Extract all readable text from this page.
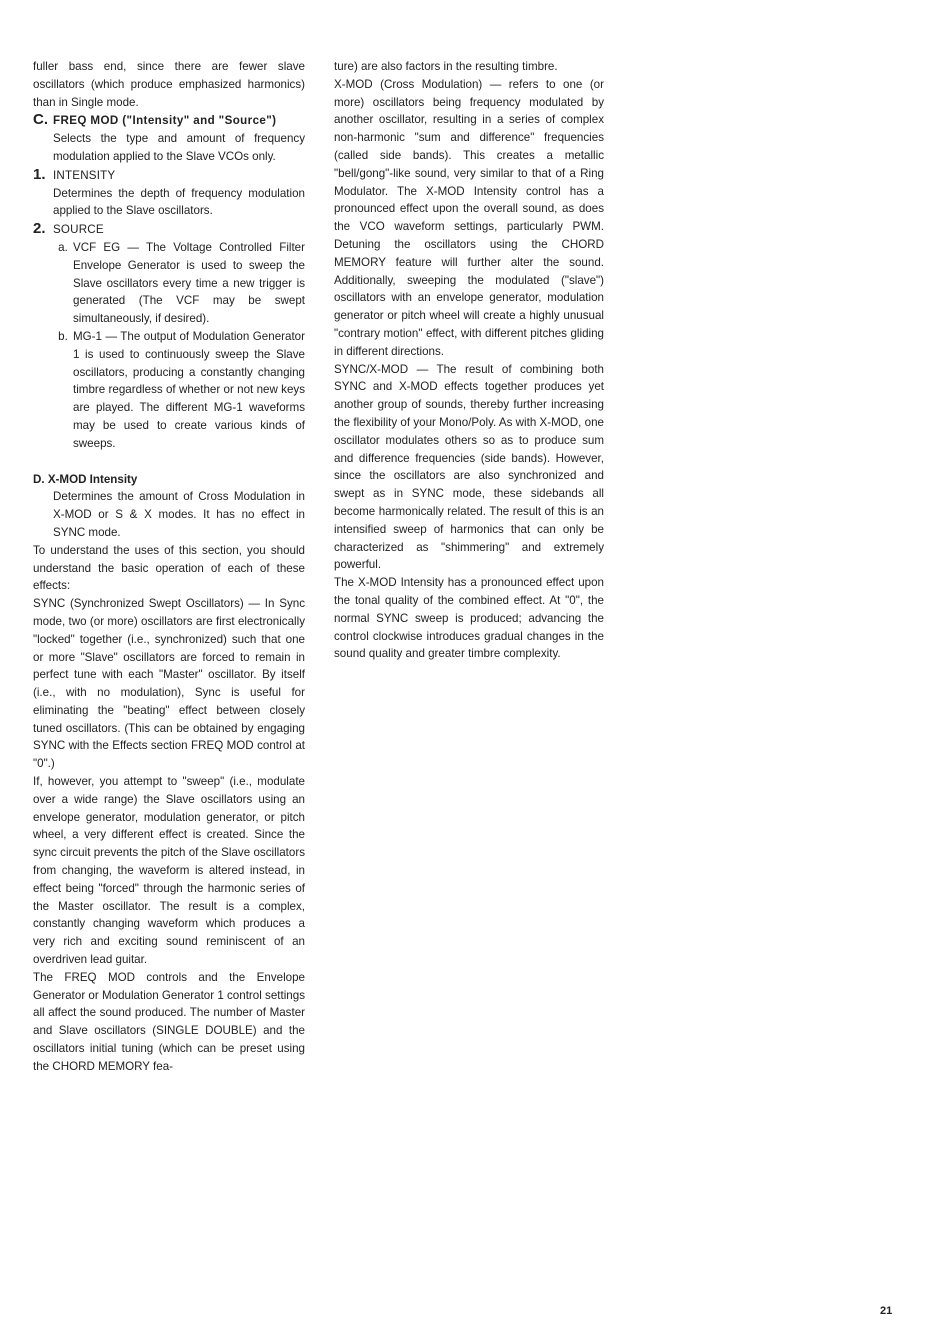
fuller bass end, since there are fewer slave oscillators (which produce emphasized harmonics) than in Single mode.

C. FREQ MOD ("Intensity" and "Source")

Selects the type and amount of frequency modulation applied to the Slave VCOs only.

1. INTENSITY

Determines the depth of frequency modulation applied to the Slave oscillators.

2. SOURCE
a. VCF EG — The Voltage Controlled Filter Envelope Generator is used to sweep the Slave oscillators every time a new trigger is generated (The VCF may be swept simultaneously, if desired).
b. MG-1 — The output of Modulation Generator 1 is used to continuously sweep the Slave oscillators, producing a constantly changing timbre regardless of whether or not new keys are played. The different MG-1 waveforms may be used to create various kinds of sweeps.

D. X-MOD Intensity

Determines the amount of Cross Modulation in X-MOD or S & X modes. It has no effect in SYNC mode.

To understand the uses of this section, you should understand the basic operation of each of these effects:

SYNC (Synchronized Swept Oscillators) — In Sync mode, two (or more) oscillators are first electronically "locked" together (i.e., synchronized) such that one or more "Slave" oscillators are forced to remain in perfect tune with each "Master" oscillator. By itself (i.e., with no modulation), Sync is useful for eliminating the "beating" effect between closely tuned oscillators. (This can be obtained by engaging SYNC with the Effects section FREQ MOD control at "0".)

If, however, you attempt to "sweep" (i.e., modulate over a wide range) the Slave oscillators using an envelope generator, modulation generator, or pitch wheel, a very different effect is created. Since the sync circuit prevents the pitch of the Slave oscillators from changing, the waveform is altered instead, in effect being "forced" through the harmonic series of the Master oscillator. The result is a complex, constantly changing waveform which produces a very rich and exciting sound reminiscent of an overdriven lead guitar.

The FREQ MOD controls and the Envelope Generator or Modulation Generator 1 control settings all affect the sound produced. The number of Master and Slave oscillators (SINGLE DOUBLE) and the oscillators initial tuning (which can be preset using the CHORD MEMORY fea-

ture) are also factors in the resulting timbre.

X-MOD (Cross Modulation) — refers to one (or more) oscillators being frequency modulated by another oscillator, resulting in a series of complex non-harmonic "sum and difference" frequencies (called side bands). This creates a metallic "bell/gong"-like sound, very similar to that of a Ring Modulator. The X-MOD Intensity control has a pronounced effect upon the overall sound, as does the VCO waveform settings, particularly PWM. Detuning the oscillators using the CHORD MEMORY feature will further alter the sound. Additionally, sweeping the modulated ("slave") oscillators with an envelope generator, modulation generator or pitch wheel will create a highly unusual "contrary motion" effect, with different pitches gliding in different directions.

SYNC/X-MOD — The result of combining both SYNC and X-MOD effects together produces yet another group of sounds, thereby further increasing the flexibility of your Mono/Poly. As with X-MOD, one oscillator modulates others so as to produce sum and difference frequencies (side bands). However, since the oscillators are also synchronized and swept as in SYNC mode, these sidebands all become harmonically related. The result of this is an intensified sweep of harmonics that can only be characterized as "shimmering" and extremely powerful.

The X-MOD Intensity has a pronounced effect upon the tonal quality of the combined effect. At "0", the normal SYNC sweep is produced; advancing the control clockwise introduces gradual changes in the sound quality and greater timbre complexity.

21
